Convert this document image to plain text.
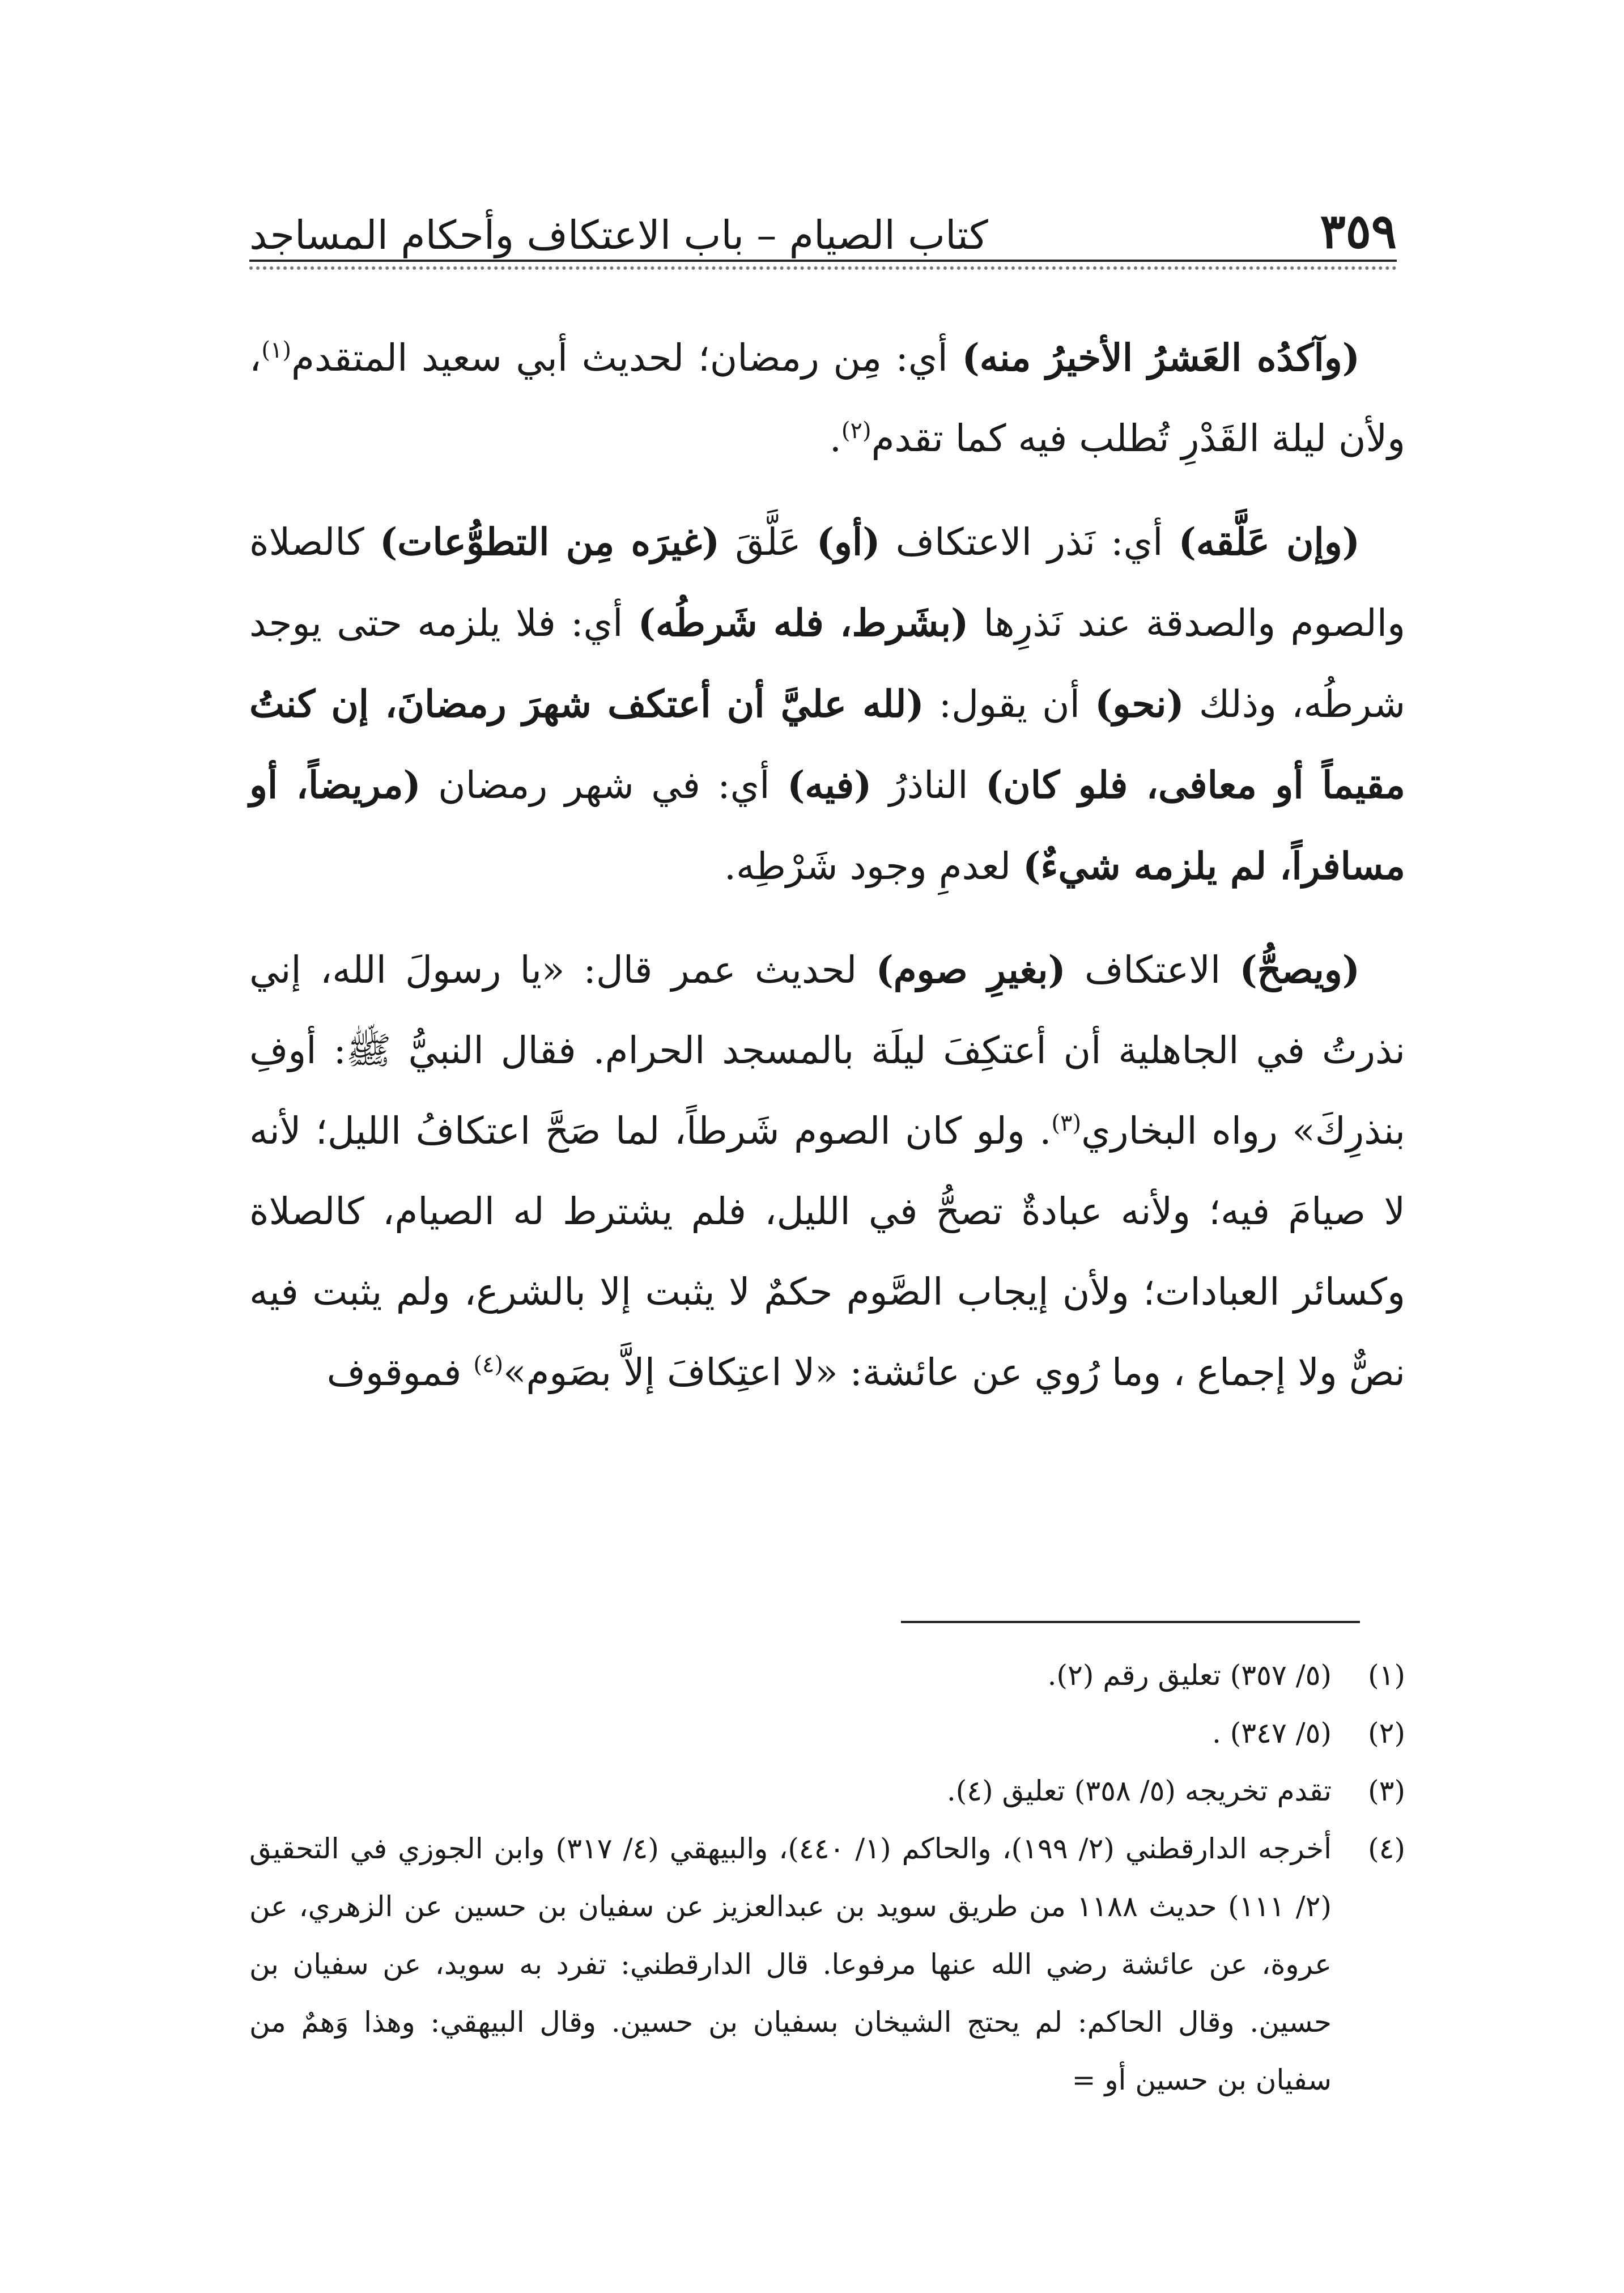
٣٥٩
كتاب الصيام – باب الاعتكاف وأحكام المساجد

(وآكدُه العَشرُ الأخيرُ منه) أي: مِن رمضان؛ لحديث أبي سعيد المتقدم$^{(١)}$، ولأن ليلة القَدْرِ تُطلب فيه كما تقدم$^{(٢)}$.

(وإن عَلَّقه) أي: نَذر الاعتكاف (أو) عَلَّقَ (غيرَه مِن التطوُّعات) كالصلاة والصوم والصدقة عند نَذرِها (بشَرط، فله شَرطُه) أي: فلا يلزمه حتى يوجد شرطُه، وذلك (نحو) أن يقول: (لله عليَّ أن أعتكف شهرَ رمضانَ، إن كنتُ مقيماً أو معافى، فلو كان) الناذرُ (فيه) أي: في شهر رمضان (مريضاً، أو مسافراً، لم يلزمه شيءٌ) لعدمِ وجود شَرْطِه.

(ويصحُّ) الاعتكاف (بغيرِ صوم) لحديث عمر قال: «يا رسولَ الله، إني نذرتُ في الجاهلية أن أعتكِفَ ليلَة بالمسجد الحرام. فقال النبيُّ ﷺ: أوفِ بنذرِكَ» رواه البخاري$^{(٣)}$. ولو كان الصوم شَرطاً، لما صَحَّ اعتكافُ الليل؛ لأنه لا صيامَ فيه؛ ولأنه عبادةٌ تصحُّ في الليل، فلم يشترط له الصيام، كالصلاة وكسائر العبادات؛ ولأن إيجاب الصَّوم حكمٌ لا يثبت إلا بالشرع، ولم يثبت فيه نصٌّ ولا إجماع ، وما رُوي عن عائشة: «لا اعتِكافَ إلاَّ بصَوم»$^{(٤)}$ فموقوف

(١)
(٥/ ٣٥٧) تعليق رقم (٢).
(٢)
(٥/ ٣٤٧) .
(٣)
تقدم تخريجه (٥/ ٣٥٨) تعليق (٤).
(٤)
أخرجه الدارقطني (٢/ ١٩٩)، والحاكم (١/ ٤٤٠)، والبيهقي (٤/ ٣١٧) وابن الجوزي في التحقيق (٢/ ١١١) حديث ١١٨٨ من طريق سويد بن عبدالعزيز عن سفيان بن حسين عن الزهري، عن عروة، عن عائشة رضي الله عنها مرفوعا. قال الدارقطني: تفرد به سويد، عن سفيان بن حسين. وقال الحاكم: لم يحتج الشيخان بسفيان بن حسين. وقال البيهقي: وهذا وَهمٌ من سفيان بن حسين أو =
